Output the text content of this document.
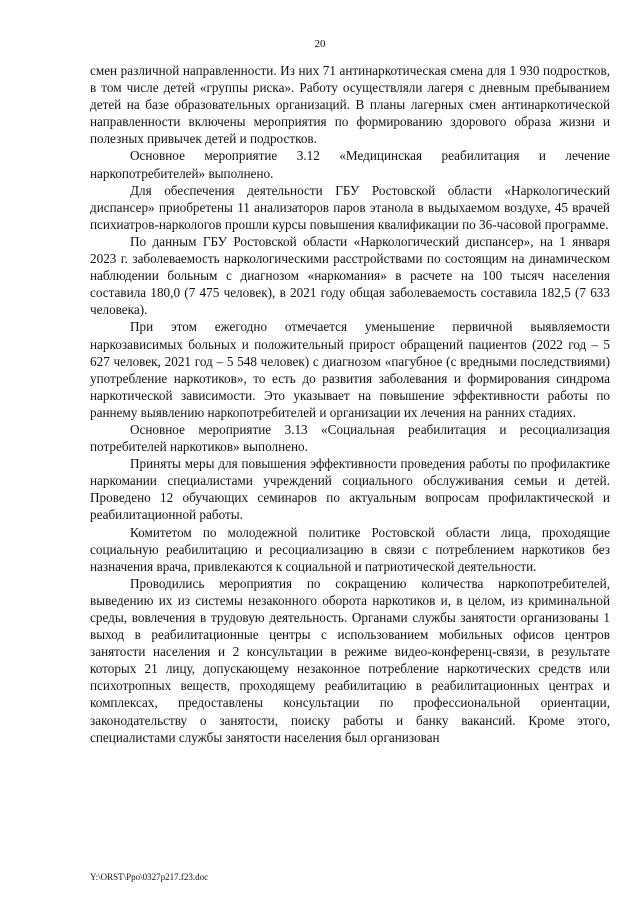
20

смен различной направленности. Из них 71 антинаркотическая смена для 1 930 подростков, в том числе детей «группы риска». Работу осуществляли лагеря с дневным пребыванием детей на базе образовательных организаций. В планы лагерных смен антинаркотической направленности включены мероприятия по формированию здорового образа жизни и полезных привычек детей и подростков.

Основное мероприятие 3.12 «Медицинская реабилитация и лечение наркопотребителей» выполнено.

Для обеспечения деятельности ГБУ Ростовской области «Наркологический диспансер» приобретены 11 анализаторов паров этанола в выдыхаемом воздухе, 45 врачей психиатров-наркологов прошли курсы повышения квалификации по 36-часовой программе.

По данным ГБУ Ростовской области «Наркологический диспансер», на 1 января 2023 г. заболеваемость наркологическими расстройствами по состоящим на динамическом наблюдении больным с диагнозом «наркомания» в расчете на 100 тысяч населения составила 180,0 (7 475 человек), в 2021 году общая заболеваемость составила 182,5 (7 633 человека).

При этом ежегодно отмечается уменьшение первичной выявляемости наркозависимых больных и положительный прирост обращений пациентов (2022 год – 5 627 человек, 2021 год – 5 548 человек) с диагнозом «пагубное (с вредными последствиями) употребление наркотиков», то есть до развития заболевания и формирования синдрома наркотической зависимости. Это указывает на повышение эффективности работы по раннему выявлению наркопотребителей и организации их лечения на ранних стадиях.

Основное мероприятие 3.13 «Социальная реабилитация и ресоциализация потребителей наркотиков» выполнено.

Приняты меры для повышения эффективности проведения работы по профилактике наркомании специалистами учреждений социального обслуживания семьи и детей. Проведено 12 обучающих семинаров по актуальным вопросам профилактической и реабилитационной работы.

Комитетом по молодежной политике Ростовской области лица, проходящие социальную реабилитацию и ресоциализацию в связи с потреблением наркотиков без назначения врача, привлекаются к социальной и патриотической деятельности.

Проводились мероприятия по сокращению количества наркопотребителей, выведению их из системы незаконного оборота наркотиков и, в целом, из криминальной среды, вовлечения в трудовую деятельность. Органами службы занятости организованы 1 выход в реабилитационные центры с использованием мобильных офисов центров занятости населения и 2 консультации в режиме видео-конференц-связи, в результате которых 21 лицу, допускающему незаконное потребление наркотических средств или психотропных веществ, проходящему реабилитацию в реабилитационных центрах и комплексах, предоставлены консультации по профессиональной ориентации, законодательству о занятости, поиску работы и банку вакансий. Кроме этого, специалистами службы занятости населения был организован

Y:\ORST\Ppo\0327p217.f23.doc
